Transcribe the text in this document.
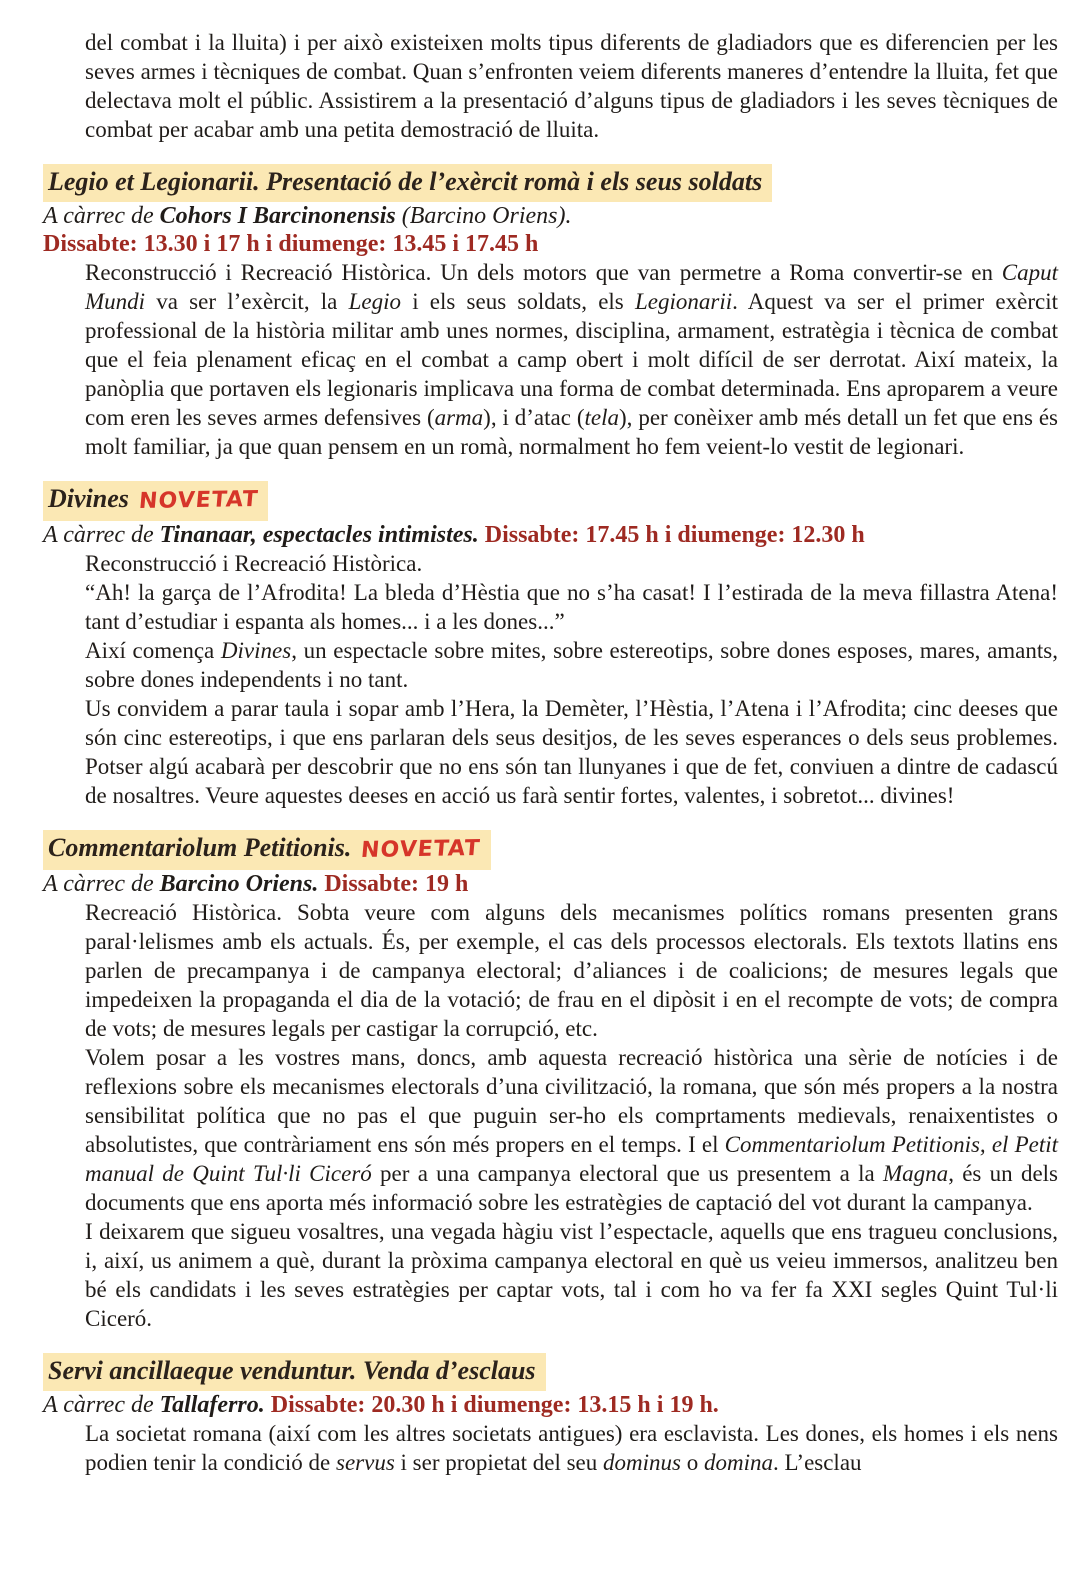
del combat i la lluita) i per això existeixen molts tipus diferents de gladiadors que es diferencien per les seves armes i tècniques de combat. Quan s’enfronten veiem diferents maneres d’entendre la lluita, fet que delectava molt el públic. Assistirem a la presentació d’alguns tipus de gladiadors i les seves tècniques de combat per acabar amb una petita demostració de lluita.

Legio et Legionarii. Presentació de l’exèrcit romà i els seus soldats

A càrrec de Cohors I Barcinonensis (Barcino Oriens).

Dissabte: 13.30 i 17 h i diumenge: 13.45 i 17.45 h

Reconstrucció i Recreació Històrica. Un dels motors que van permetre a Roma convertir-se en Caput Mundi va ser l’exèrcit, la Legio i els seus soldats, els Legionarii. Aquest va ser el primer exèrcit professional de la història militar amb unes normes, disciplina, armament, estratègia i tècnica de combat que el feia plenament eficaç en el combat a camp obert i molt difícil de ser derrotat. Així mateix, la panòplia que portaven els legionaris implicava una forma de combat determinada. Ens aproparem a veure com eren les seves armes defensives (arma), i d’atac (tela), per conèixer amb més detall un fet que ens és molt familiar, ja que quan pensem en un romà, normalment ho fem veient-lo vestit de legionari.

Divines NOVETAT

A càrrec de Tinanaar, espectacles intimistes. Dissabte: 17.45 h i diumenge: 12.30 h

Reconstrucció i Recreació Històrica.

“Ah! la garça de l’Afrodita! La bleda d’Hèstia que no s’ha casat! I l’estirada de la meva fillastra Atena! tant d’estudiar i espanta als homes... i a les dones...”

Així comença Divines, un espectacle sobre mites, sobre estereotips, sobre dones esposes, mares, amants, sobre dones independents i no tant.

Us convidem a parar taula i sopar amb l’Hera, la Demèter, l’Hèstia, l’Atena i l’Afrodita; cinc deeses que són cinc estereotips, i que ens parlaran dels seus desitjos, de les seves esperances o dels seus problemes. Potser algú acabarà per descobrir que no ens són tan llunyanes i que de fet, conviuen a dintre de cadascú de nosaltres. Veure aquestes deeses en acció us farà sentir fortes, valentes, i sobretot... divines!

Commentariolum Petitionis. NOVETAT

A càrrec de Barcino Oriens. Dissabte: 19 h

Recreació Històrica. Sobta veure com alguns dels mecanismes polítics romans presenten grans paral·lelismes amb els actuals. És, per exemple, el cas dels processos electorals. Els textots llatins ens parlen de precampanya i de campanya electoral; d’aliances i de coalicions; de mesures legals que impedeixen la propaganda el dia de la votació; de frau en el dipòsit i en el recompte de vots; de compra de vots; de mesures legals per castigar la corrupció, etc.

Volem posar a les vostres mans, doncs, amb aquesta recreació històrica una sèrie de notícies i de reflexions sobre els mecanismes electorals d’una civilització, la romana, que són més propers a la nostra sensibilitat política que no pas el que puguin ser-ho els comprtaments medievals, renaixentistes o absolutistes, que contràriament ens són més propers en el temps. I el Commentariolum Petitionis, el Petit manual de Quint Tul·li Ciceró per a una campanya electoral que us presentem a la Magna, és un dels documents que ens aporta més informació sobre les estratègies de captació del vot durant la campanya.

I deixarem que sigueu vosaltres, una vegada hàgiu vist l’espectacle, aquells que ens tragueu conclusions, i, així, us animem a què, durant la pròxima campanya electoral en què us veieu immersos, analitzeu ben bé els candidats i les seves estratègies per captar vots, tal i com ho va fer fa XXI segles Quint Tul·li Ciceró.

Servi ancillaeque venduntur. Venda d’esclaus

A càrrec de Tallaferro. Dissabte: 20.30 h i diumenge: 13.15 h i 19 h.

La societat romana (així com les altres societats antigues) era esclavista. Les dones, els homes i els nens podien tenir la condició de servus i ser propietat del seu dominus o domina. L’esclau
